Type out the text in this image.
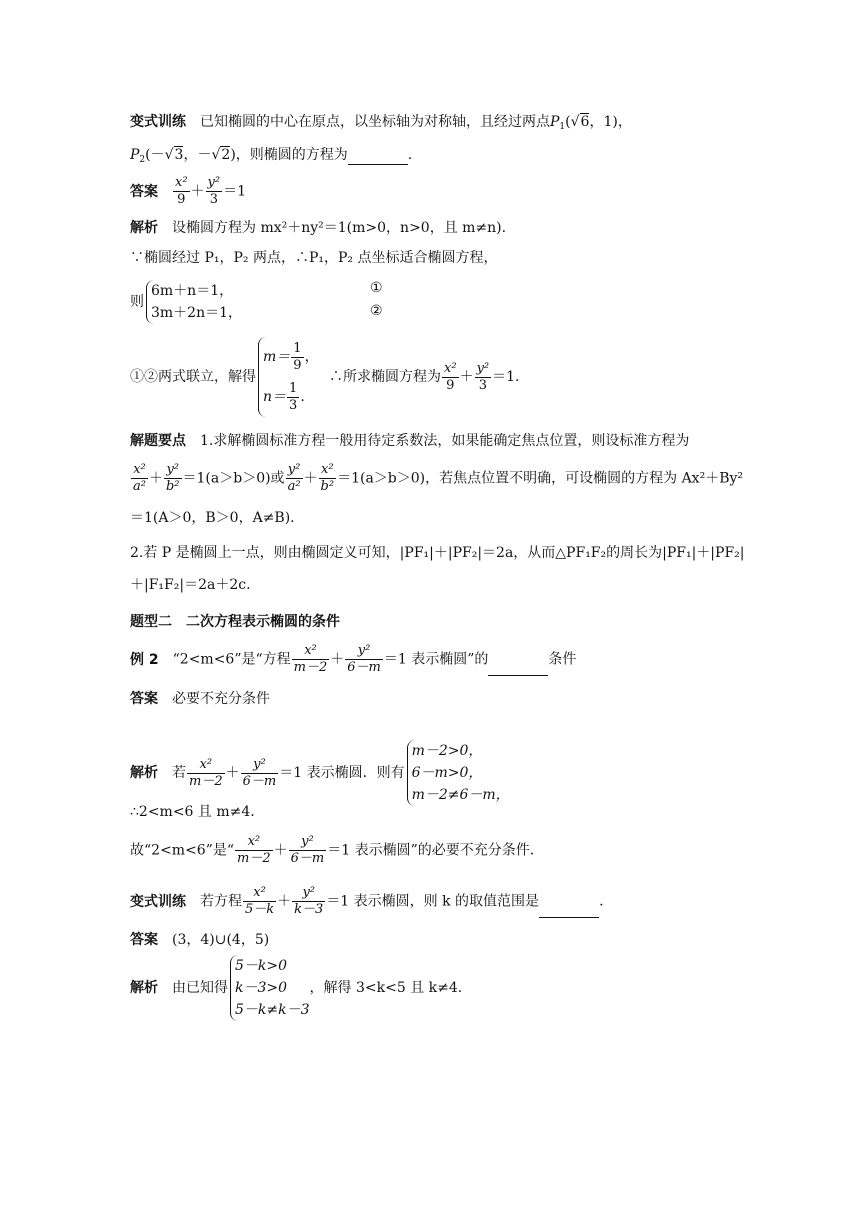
变式训练 已知椭圆的中心在原点，以坐标轴为对称轴，且经过两点$P_1(√6$，1)，
$P_2(-√3$，－√2)，则椭圆的方程为	.
答案 $\frac{\text{x²}}{9} + \frac{\text{y²}}{3} =1$
解析 设椭圆方程为 mx²＋ny²＝1(m>0，n>0，且 m≠n).
∵椭圆经过 P₁，P₂ 两点，∴P₁，P₂ 点坐标适合椭圆方程，
则
6m＋n＝1，
3m＋2n＝1，
①
②
①②两式联立，解得
$m= \frac{1}{9}$ ，
$n= \frac{1}{3}$ .
∴所求椭圆方程为 $\frac{\text{x²}}{9} + \frac{\text{y²}}{3} =1$.
解题要点 1.求解椭圆标准方程一般用待定系数法，如果能确定焦点位置，则设标准方程为
$\frac{\text{x²}}{\text{a²}} + \frac{\text{y²}}{\text{b²}} =1(a>b>0)$或 $\frac{\text{y²}}{\text{a²}} + \frac{\text{x²}}{\text{b²}} =1(a>b>0)$，若焦点位置不明确，可设椭圆的方程为 Ax²＋By²
＝1(A＞0，B＞0，A≠B).
2.若 P 是椭圆上一点，则由椭圆定义可知，|PF₁|＋|PF₂|＝2a，从而△PF₁F₂的周长为|PF₁|＋|PF₂|
＋|F₁F₂|＝2a＋2c.
题型二　二次方程表示椭圆的条件
例 2 “2<m<6”是“方程 $\frac{\text{x²}}{m-2} + \frac{\text{y²}}{6-m} =1$ 表示椭圆”的	条件
答案 必要不充分条件
解析 若 $\frac{\text{x²}}{m-2} + \frac{\text{y²}}{6-m} =1$ 表示椭圆．则有
m－2>0，
6－m>0，
m－2≠6－m，
∴2<m<6 且 m≠4.
故“2<m<6”是“ $\frac{\text{x²}}{m-2} + \frac{\text{y²}}{6-m} =1$ 表示椭圆”的必要不充分条件.
变式训练 若方程 $\frac{\text{x²}}{5-k} + \frac{\text{y²}}{k-3} =1$ 表示椭圆，则 k 的取值范围是	.
答案 (3，4)∪(4，5)
解析 由已知得
5－k>0
k－3>0
5－k≠k－3
，解得 3<k<5 且 k≠4.
